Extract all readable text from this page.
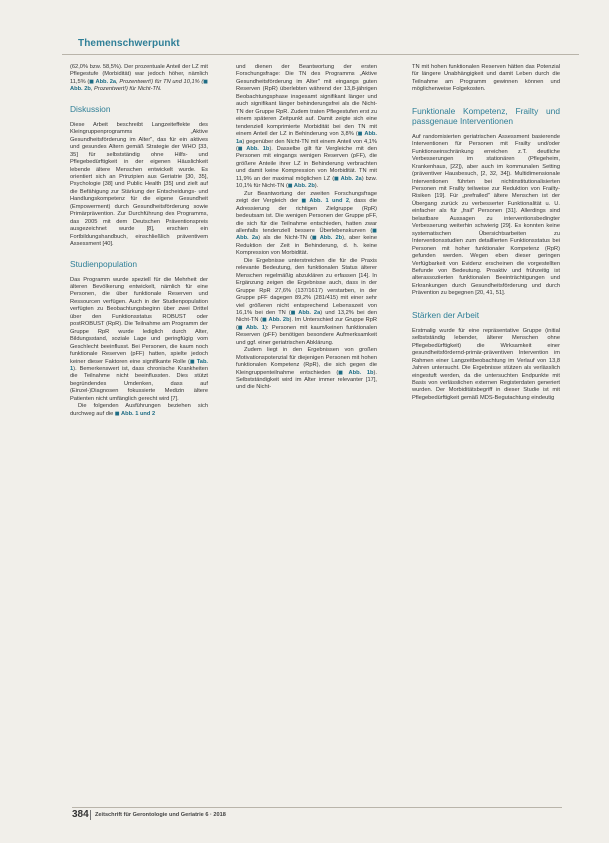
Themenschwerpunkt

(62,0% bzw. 58,5%). Der prozentuale Anteil der LZ mit Pflegestufe (Morbidität) war jedoch höher, nämlich 11,5% (◼ Abb. 2a, Prozentwert!) für TN und 10,1% (◼ Abb. 2b, Prozentwert!) für Nicht-TN.

Diskussion

Diese Arbeit beschreibt Langzeiteffekte des Kleingruppenprogramms „Aktive Gesundheitsförderung im Alter", das für ein aktives und gesundes Altern gemäß Strategie der WHO [33, 35] für selbstständig ohne Hilfs- und Pflegebedürftigkeit in der eigenen Häuslichkeit lebende ältere Menschen entwickelt wurde. Es orientiert sich an Prinzipien aus Geriatrie [30, 35], Psychologie [38] und Public Health [35] und zielt auf die Befähigung zur Stärkung der Entscheidungs- und Handlungskompetenz für die eigene Gesundheit (Empowerment) durch Gesundheitsförderung sowie Primärprävention. Zur Durchführung des Programms, das 2005 mit dem Deutschen Präventionspreis ausgezeichnet wurde [8], erschien ein Fortbildungshandbuch, einschließlich präventivem Assessment [40].

Studienpopulation

Das Programm wurde speziell für die Mehrheit der älteren Bevölkerung entwickelt, nämlich für eine Personen, die über funktionale Reserven und Ressourcen verfügen. Auch in der Studienpopulation verfügten zu Beobachtungsbeginn über zwei Drittel über den Funktionsstatus ROBUST oder postROBUST (RpR). Die Teilnahme am Programm der Gruppe RpR wurde lediglich durch Alter, Bildungsstand, soziale Lage und geringfügig vom Geschlecht beeinflusst. Bei Personen, die kaum noch funktionale Reserven (pFF) hatten, spielte jedoch keiner dieser Faktoren eine signifikante Rolle (◼ Tab. 1). Bemerkenswert ist, dass chronische Krankheiten die Teilnahme nicht beeinflussten. Dies stützt begründendes Umdenken, dass auf (Einzel-)Diagnosen fokussierte Medizin ältere Patienten nicht umfänglich gerecht wird [7].

Die folgenden Ausführungen beziehen sich durchweg auf die ◼ Abb. 1 und 2

und dienen der Beantwortung der ersten Forschungsfrage: Die TN des Programms „Aktive Gesundheitsförderung im Alter" mit eingangs guten Reserven (RpR) überlebten während der 13,8-jährigen Beobachtungsphase insgesamt signifikant länger und auch signifikant länger behinderungsfrei als die Nicht-TN der Gruppe RpR. Zudem traten Pflegestufen erst zu einem späteren Zeitpunkt auf. Damit zeigte sich eine tendenziell komprimierte Morbidität bei den TN mit einem Anteil der LZ in Behinderung von 3,8% (◼ Abb. 1a) gegenüber den Nicht-TN mit einem Anteil von 4,1% (◼ Abb. 1b). Dasselbe gilt für Vergleiche mit den Personen mit eingangs wenigen Reserven (pFF), die größere Anteile ihrer LZ in Behinderung verbrachten und damit keine Kompression von Morbidität. TN mit 11,9% an der maximal möglichen LZ (◼ Abb. 2a) bzw. 10,1% für Nicht-TN (◼ Abb. 2b).

Zur Beantwortung der zweiten Forschungsfrage zeigt der Vergleich der ◼ Abb. 1 und 2, dass die Adressierung der richtigen Zielgruppe (RpR) bedeutsam ist. Die wenigen Personen der Gruppe pFF, die sich für die Teilnahme entschieden, hatten zwar allenfalls tendenziell bessere Überlebenskurven (◼ Abb. 2a) als die Nicht-TN (◼ Abb. 2b), aber keine Reduktion der Zeit in Behinderung, d. h. keine Kompression von Morbidität.

Die Ergebnisse unterstreichen die für die Praxis relevante Bedeutung, den funktionalen Status älterer Menschen regelmäßig abzuklären zu erfassen [14]. In Ergänzung zeigen die Ergebnisse auch, dass in der Gruppe RpR 27,6% (137/1617) verstarben, in der Gruppe pFF dagegen 89,2% (281/415) mit einer sehr viel größeren nicht entsprechend Lebensszeit von 16,1% bei den TN (◼ Abb. 2a) und 13,2% bei den Nicht-TN (◼ Abb. 2b). Im Unterschied zur Gruppe RpR (◼ Abb. 1): Personen mit kaum/keinen funktionalen Reserven (pFF) benötigen besondere Aufmerksamkeit und ggf. einer geriatrischen Abklärung.

Zudem liegt in den Ergebnissen von großen Motivationspotenzial für diejenigen Personen mit hohen funktionalen Kompetenz (RpR), die sich gegen die Kleingruppenteilnahme entschieden (◼ Abb. 1b). Selbstständigkeit wird im Alter immer relevanter [17], und die Nicht-

TN mit hohen funktionalen Reserven hätten das Potenzial für längere Unabhängigkeit und damit Leben durch die Teilnahme am Programm gewinnen können und möglicherweise Folgekosten.

Funktionale Kompetenz, Frailty und passgenaue Interventionen

Auf randomisierten geriatrischen Assessment basierende Interventionen für Personen mit Frailty und/oder Funktionseinschränkung erreichen z.T. deutliche Verbesserungen im stationären (Pflegeheim, Krankenhaus, [22]), aber auch im kommunalen Setting (präventiver Hausbesuch, [2, 32, 34]). Multidimensionale Interventionen führten bei nichtinstitutionalisierten Personen mit Frailty teilweise zur Reduktion von Frailty-Risiken [19]. Für „prefrailed" ältere Menschen ist der Übergang zurück zu verbesserter Funktionalität u. U. einfacher als für „frail" Personen [31]. Allerdings sind belastbare Aussagen zu interventionsbedingter Verbesserung weiterhin schwierig [29]. Es konnten keine systematischen Übersichtsarbeiten zu Interventionsstudien zum detaillierten Funktionsstatus bei Personen mit hoher funktionaler Kompetenz (RpR) gefunden werden. Wegen eben dieser geringen Verfügbarkeit von Evidenz erscheinen die vorgestellten Befunde von Bedeutung. Proaktiv und frühzeitig ist alterassoziierten funktionalen Beeinträchtigungen und Erkrankungen durch Gesundheitsförderung und durch Prävention zu begegnen [20, 41, 51].

Stärken der Arbeit

Erstmalig wurde für eine repräsentative Gruppe (initial selbstständig lebender, älterer Menschen ohne Pflegebedürftigkeit) die Wirksamkeit einer gesundheitsfördernd-primär-präventiven Intervention im Rahmen einer Langzeitbeobachtung im Verlauf von 13,8 Jahren untersucht. Die Ergebnisse stützen als verlässlich eingestuft werden, da die untersuchten Endpunkte mit Basis von verlässlichen externen Registerdaten generiert wurden. Der Morbiditätsbegriff in dieser Studie ist mit Pflegebedürftigkeit gemäß MDS-Begutachtung eindeutig

384 Zeitschrift für Gerontologie und Geriatrie 6 · 2018
